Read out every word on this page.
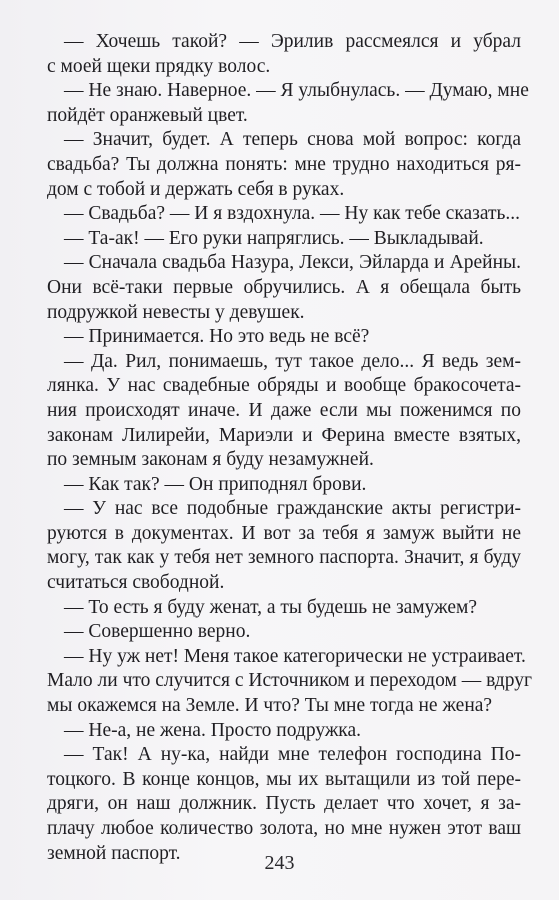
— Хочешь такой? — Эрилив рассмеялся и убрал
с моей щеки прядку волос.
— Не знаю. Наверное. — Я улыбнулась. — Думаю, мне
пойдёт оранжевый цвет.
— Значит, будет. А теперь снова мой вопрос: когда
свадьба? Ты должна понять: мне трудно находиться ря-
дом с тобой и держать себя в руках.
— Свадьба? — И я вздохнула. — Ну как тебе сказать...
— Та-ак! — Его руки напряглись. — Выкладывай.
— Сначала свадьба Назура, Лекси, Эйларда и Арейны.
Они всё-таки первые обручились. А я обещала быть
подружкой невесты у девушек.
— Принимается. Но это ведь не всё?
— Да. Рил, понимаешь, тут такое дело... Я ведь зем-
лянка. У нас свадебные обряды и вообще бракосочета-
ния происходят иначе. И даже если мы поженимся по
законам Лилирейи, Мариэли и Ферина вместе взятых,
по земным законам я буду незамужней.
— Как так? — Он приподнял брови.
— У нас все подобные гражданские акты регистри-
руются в документах. И вот за тебя я замуж выйти не
могу, так как у тебя нет земного паспорта. Значит, я буду
считаться свободной.
— То есть я буду женат, а ты будешь не замужем?
— Совершенно верно.
— Ну уж нет! Меня такое категорически не устраивает.
Мало ли что случится с Источником и переходом — вдруг
мы окажемся на Земле. И что? Ты мне тогда не жена?
— Не-а, не жена. Просто подружка.
— Так! А ну-ка, найди мне телефон господина По-
тоцкого. В конце концов, мы их вытащили из той пере-
дряги, он наш должник. Пусть делает что хочет, я за-
плачу любое количество золота, но мне нужен этот ваш
земной паспорт.	243
